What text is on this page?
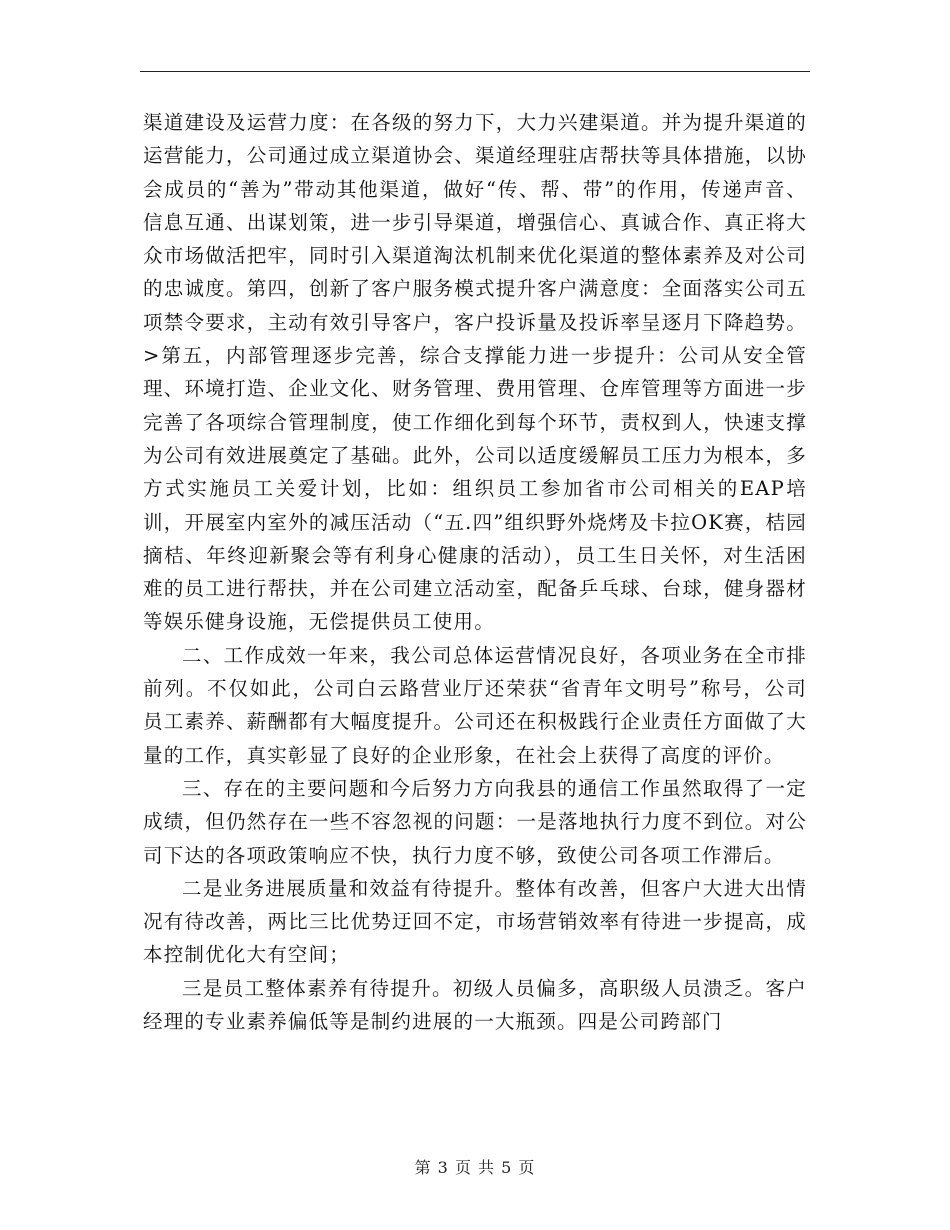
渠道建设及运营力度：在各级的努力下，大力兴建渠道。并为提升渠道的运营能力，公司通过成立渠道协会、渠道经理驻店帮扶等具体措施，以协会成员的“善为”带动其他渠道，做好“传、帮、带”的作用，传递声音、信息互通、出谋划策，进一步引导渠道，增强信心、真诚合作、真正将大众市场做活把牢，同时引入渠道淘汰机制来优化渠道的整体素养及对公司的忠诚度。第四，创新了客户服务模式提升客户满意度：全面落实公司五项禁令要求，主动有效引导客户，客户投诉量及投诉率呈逐月下降趋势。>第五，内部管理逐步完善，综合支撑能力进一步提升：公司从安全管理、环境打造、企业文化、财务管理、费用管理、仓库管理等方面进一步完善了各项综合管理制度，使工作细化到每个环节，责权到人，快速支撑为公司有效进展奠定了基础。此外，公司以适度缓解员工压力为根本，多方式实施员工关爱计划，比如：组织员工参加省市公司相关的EAP培训，开展室内室外的减压活动（“五.四”组织野外烧烤及卡拉OK赛，桔园摘桔、年终迎新聚会等有利身心健康的活动），员工生日关怀，对生活困难的员工进行帮扶，并在公司建立活动室，配备乒乓球、台球，健身器材等娱乐健身设施，无偿提供员工使用。

二、工作成效一年来，我公司总体运营情况良好，各项业务在全市排前列。不仅如此，公司白云路营业厅还荣获“省青年文明号”称号，公司员工素养、薪酬都有大幅度提升。公司还在积极践行企业责任方面做了大量的工作，真实彰显了良好的企业形象，在社会上获得了高度的评价。

三、存在的主要问题和今后努力方向我县的通信工作虽然取得了一定成绩，但仍然存在一些不容忽视的问题：一是落地执行力度不到位。对公司下达的各项政策响应不快，执行力度不够，致使公司各项工作滞后。

二是业务进展质量和效益有待提升。整体有改善，但客户大进大出情况有待改善，两比三比优势迂回不定，市场营销效率有待进一步提高，成本控制优化大有空间；

三是员工整体素养有待提升。初级人员偏多，高职级人员溃乏。客户经理的专业素养偏低等是制约进展的一大瓶颈。四是公司跨部门

第 3 页 共 5 页
